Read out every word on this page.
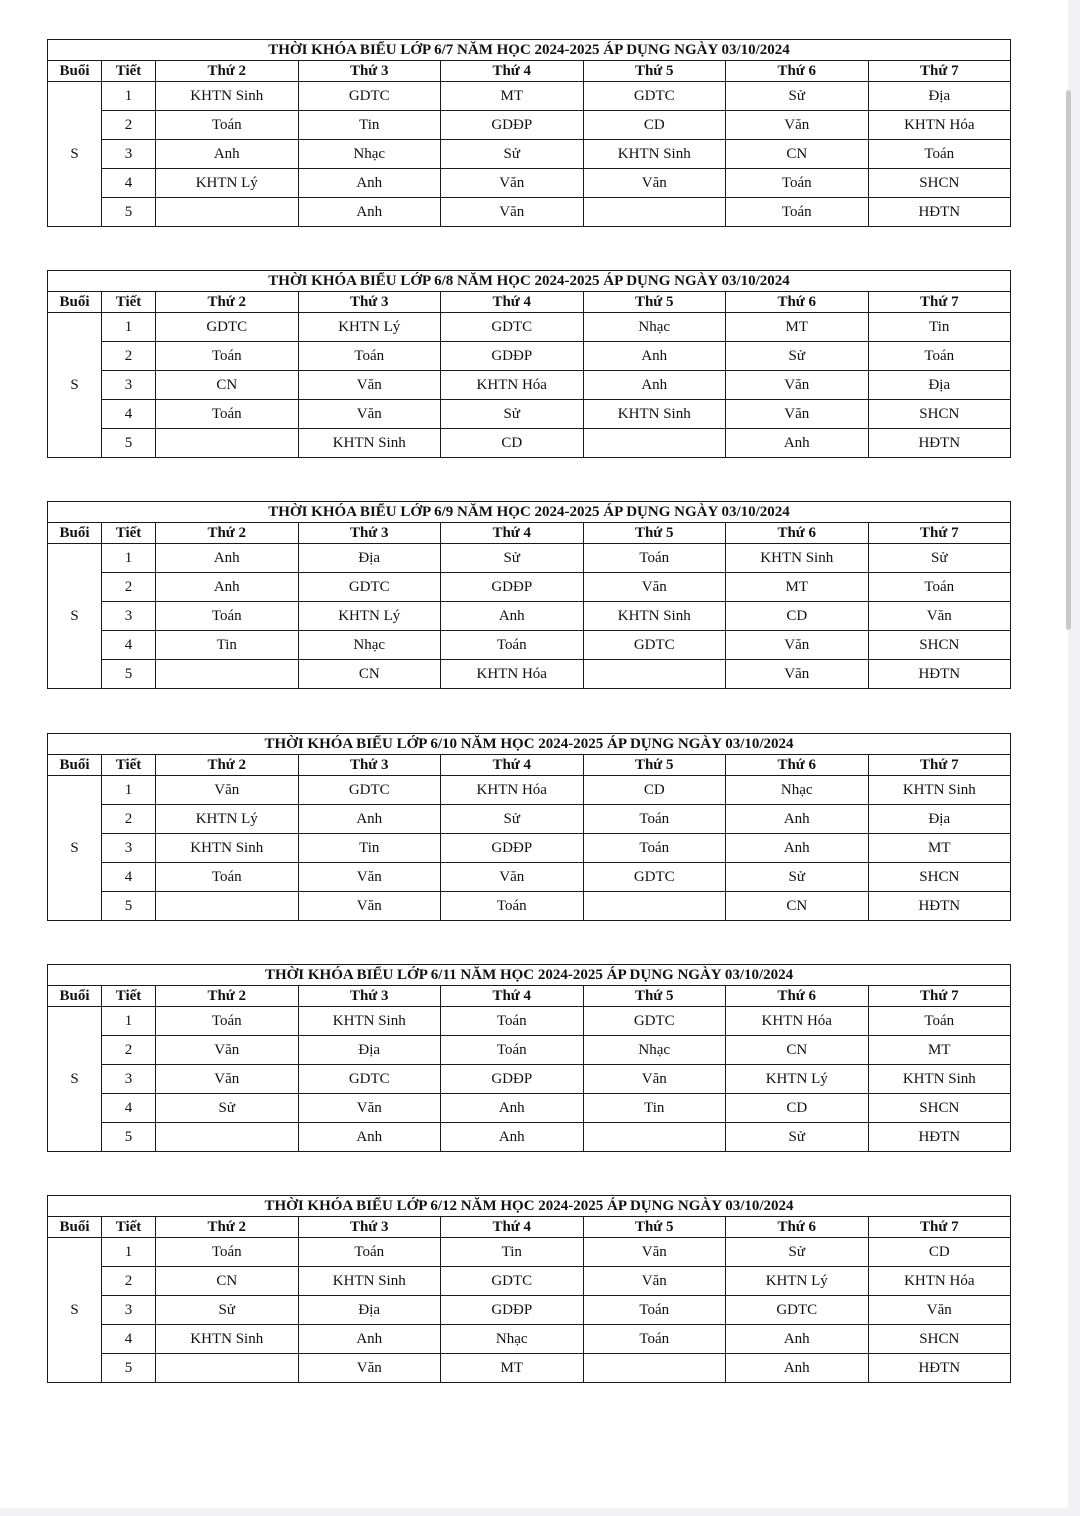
THỜI KHÓA BIỂU LỚP 6/7 NĂM HỌC 2024-2025 ÁP DỤNG NGÀY 03/10/2024							
Buổi	Tiết	Thứ 2	Thứ 3	Thứ 4	Thứ 5	Thứ 6	Thứ 7
S	1	KHTN Sinh	GDTC	MT	GDTC	Sử	Địa
	2	Toán	Tin	GDĐP	CD	Văn	KHTN Hóa
	3	Anh	Nhạc	Sử	KHTN Sinh	CN	Toán
	4	KHTN Lý	Anh	Văn	Văn	Toán	SHCN
	5		Anh	Văn		Toán	HĐTN
THỜI KHÓA BIỂU LỚP 6/8 NĂM HỌC 2024-2025 ÁP DỤNG NGÀY 03/10/2024							
Buổi	Tiết	Thứ 2	Thứ 3	Thứ 4	Thứ 5	Thứ 6	Thứ 7
S	1	GDTC	KHTN Lý	GDTC	Nhạc	MT	Tin
	2	Toán	Toán	GDĐP	Anh	Sử	Toán
	3	CN	Văn	KHTN Hóa	Anh	Văn	Địa
	4	Toán	Văn	Sử	KHTN Sinh	Văn	SHCN
	5		KHTN Sinh	CD		Anh	HĐTN
THỜI KHÓA BIỂU LỚP 6/9 NĂM HỌC 2024-2025 ÁP DỤNG NGÀY 03/10/2024							
Buổi	Tiết	Thứ 2	Thứ 3	Thứ 4	Thứ 5	Thứ 6	Thứ 7
S	1	Anh	Địa	Sử	Toán	KHTN Sinh	Sử
	2	Anh	GDTC	GDĐP	Văn	MT	Toán
	3	Toán	KHTN Lý	Anh	KHTN Sinh	CD	Văn
	4	Tin	Nhạc	Toán	GDTC	Văn	SHCN
	5		CN	KHTN Hóa		Văn	HĐTN
THỜI KHÓA BIỂU LỚP 6/10 NĂM HỌC 2024-2025 ÁP DỤNG NGÀY 03/10/2024							
Buổi	Tiết	Thứ 2	Thứ 3	Thứ 4	Thứ 5	Thứ 6	Thứ 7
S	1	Văn	GDTC	KHTN Hóa	CD	Nhạc	KHTN Sinh
	2	KHTN Lý	Anh	Sử	Toán	Anh	Địa
	3	KHTN Sinh	Tin	GDĐP	Toán	Anh	MT
	4	Toán	Văn	Văn	GDTC	Sử	SHCN
	5		Văn	Toán		CN	HĐTN
THỜI KHÓA BIỂU LỚP 6/11 NĂM HỌC 2024-2025 ÁP DỤNG NGÀY 03/10/2024							
Buổi	Tiết	Thứ 2	Thứ 3	Thứ 4	Thứ 5	Thứ 6	Thứ 7
S	1	Toán	KHTN Sinh	Toán	GDTC	KHTN Hóa	Toán
	2	Văn	Địa	Toán	Nhạc	CN	MT
	3	Văn	GDTC	GDĐP	Văn	KHTN Lý	KHTN Sinh
	4	Sử	Văn	Anh	Tin	CD	SHCN
	5		Anh	Anh		Sử	HĐTN
THỜI KHÓA BIỂU LỚP 6/12 NĂM HỌC 2024-2025 ÁP DỤNG NGÀY 03/10/2024							
Buổi	Tiết	Thứ 2	Thứ 3	Thứ 4	Thứ 5	Thứ 6	Thứ 7
S	1	Toán	Toán	Tin	Văn	Sử	CD
	2	CN	KHTN Sinh	GDTC	Văn	KHTN Lý	KHTN Hóa
	3	Sử	Địa	GDĐP	Toán	GDTC	Văn
	4	KHTN Sinh	Anh	Nhạc	Toán	Anh	SHCN
	5		Văn	MT		Anh	HĐTN
